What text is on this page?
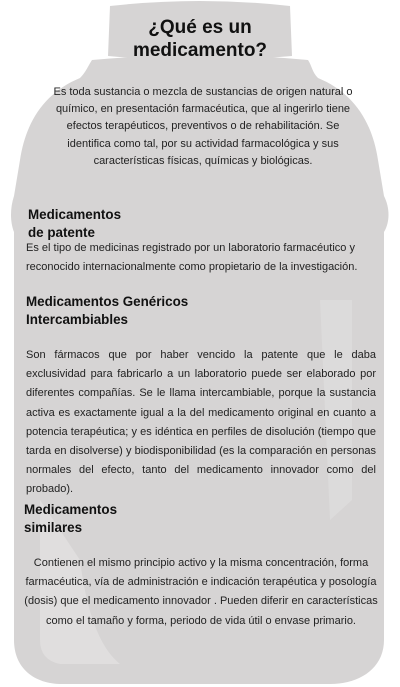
¿Qué es un
medicamento?
Es toda sustancia o mezcla de sustancias de origen natural o químico, en presentación farmacéutica, que al ingerirlo tiene efectos terapéuticos, preventivos o de rehabilitación. Se identifica como tal, por su actividad farmacológica y sus características físicas, químicas y biológicas.
Medicamentos
de patente
Es el tipo de medicinas registrado por un laboratorio farmacéutico y reconocido internacionalmente como propietario de la investigación.
Medicamentos Genéricos
Intercambiables
Son fármacos que por haber vencido la patente que le daba exclusividad para fabricarlo a un laboratorio puede ser elaborado por diferentes compañías. Se le llama intercambiable, porque la sustancia activa es exactamente igual a la del medicamento original en cuanto a potencia terapéutica; y es idéntica en perfiles de disolución (tiempo que tarda en disolverse) y biodisponibilidad (es la comparación en personas normales del efecto, tanto del medicamento innovador como del probado).
Medicamentos
similares
Contienen el mismo principio activo y la misma concentración, forma farmacéutica, vía de administración e indicación terapéutica y posología (dosis) que el medicamento innovador . Pueden diferir en características como el tamaño y forma, periodo de vida útil o envase primario.
